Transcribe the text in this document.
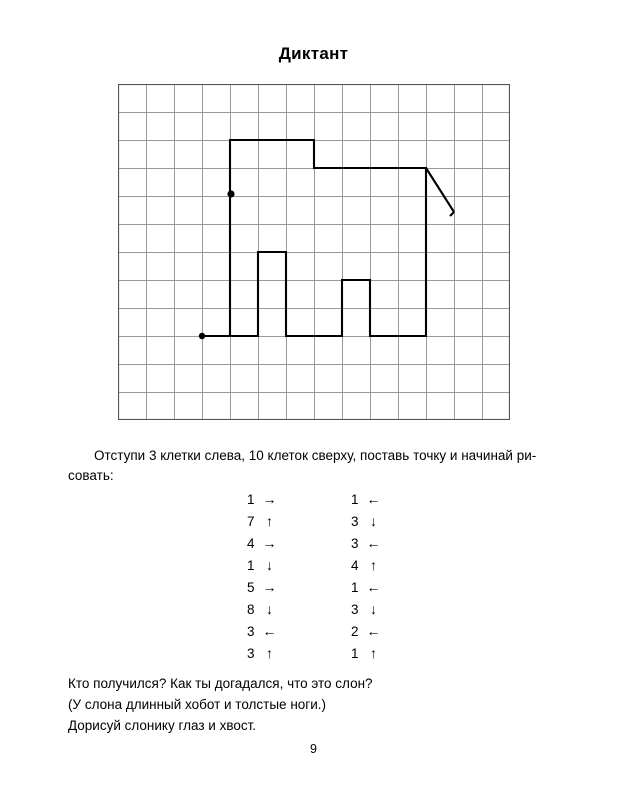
Диктант
Отступи 3 клетки слева, 10 клеток сверху, поставь точку и начинай ри-
совать:
1 →
7 ↑
4 →
1 ↓
5 →
8 ↓
3 ←
3 ↑
1 ←
3 ↓
3 ←
4 ↑
1 ←
3 ↓
2 ←
1 ↑
Кто получился? Как ты догадался, что это слон?
(У слона длинный хобот и толстые ноги.)
Дорисуй слонику глаз и хвост.
9
